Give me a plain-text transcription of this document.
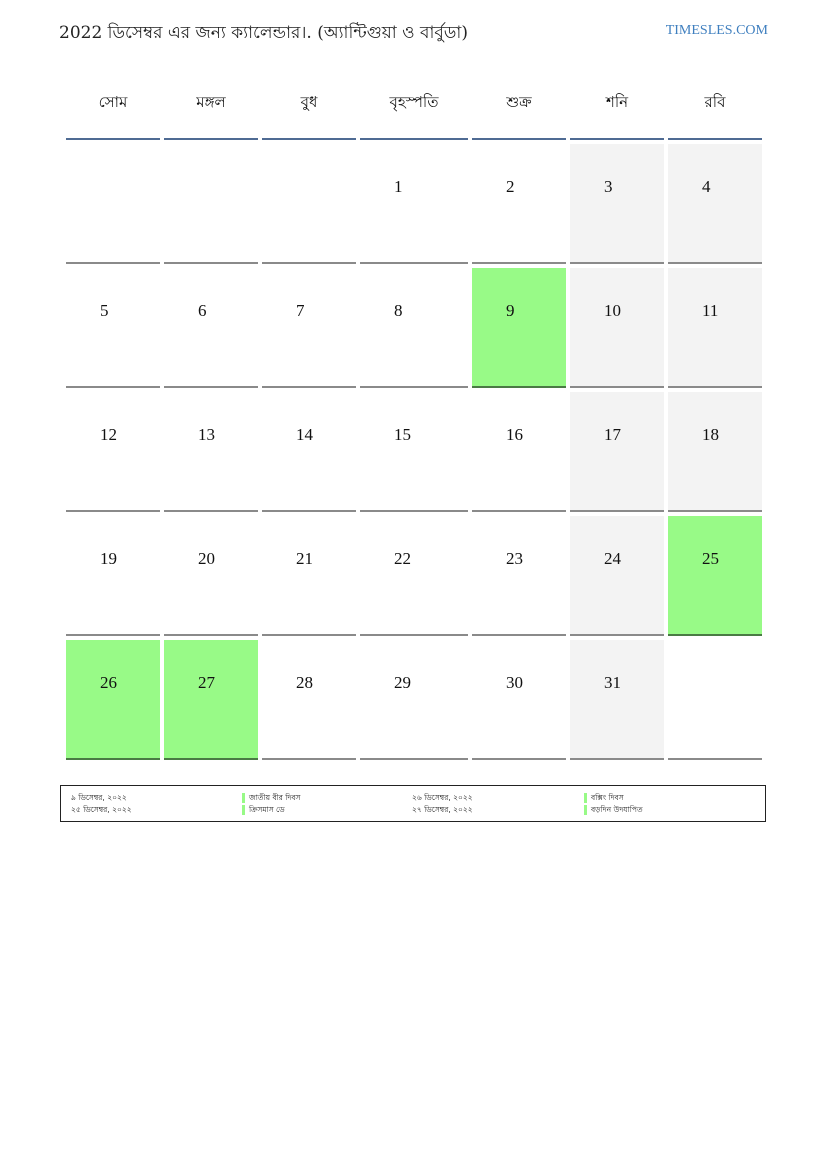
2022 ডিসেম্বর এর জন্য ক্যালেন্ডার।. (অ্যান্টিগুয়া ও বার্বুডা)	TIMESLES.COM
সোম	মঙ্গল	বুধ	বৃহস্পতি	শুক্র	শনি	রবি

			1	2	3	4

5	6	7	8	9	10	11

12	13	14	15	16	17	18

19	20	21	22	23	24	25

26	27	28	29	30	31	

৯ ডিসেম্বর, ২০২২	জাতীয় বীর দিবস
২৫ ডিসেম্বর, ২০২২	ক্রিসমাস ডে
২৬ ডিসেম্বর, ২০২২	বক্সিং দিবস
২৭ ডিসেম্বর, ২০২২	বড়দিন উদযাপিত
